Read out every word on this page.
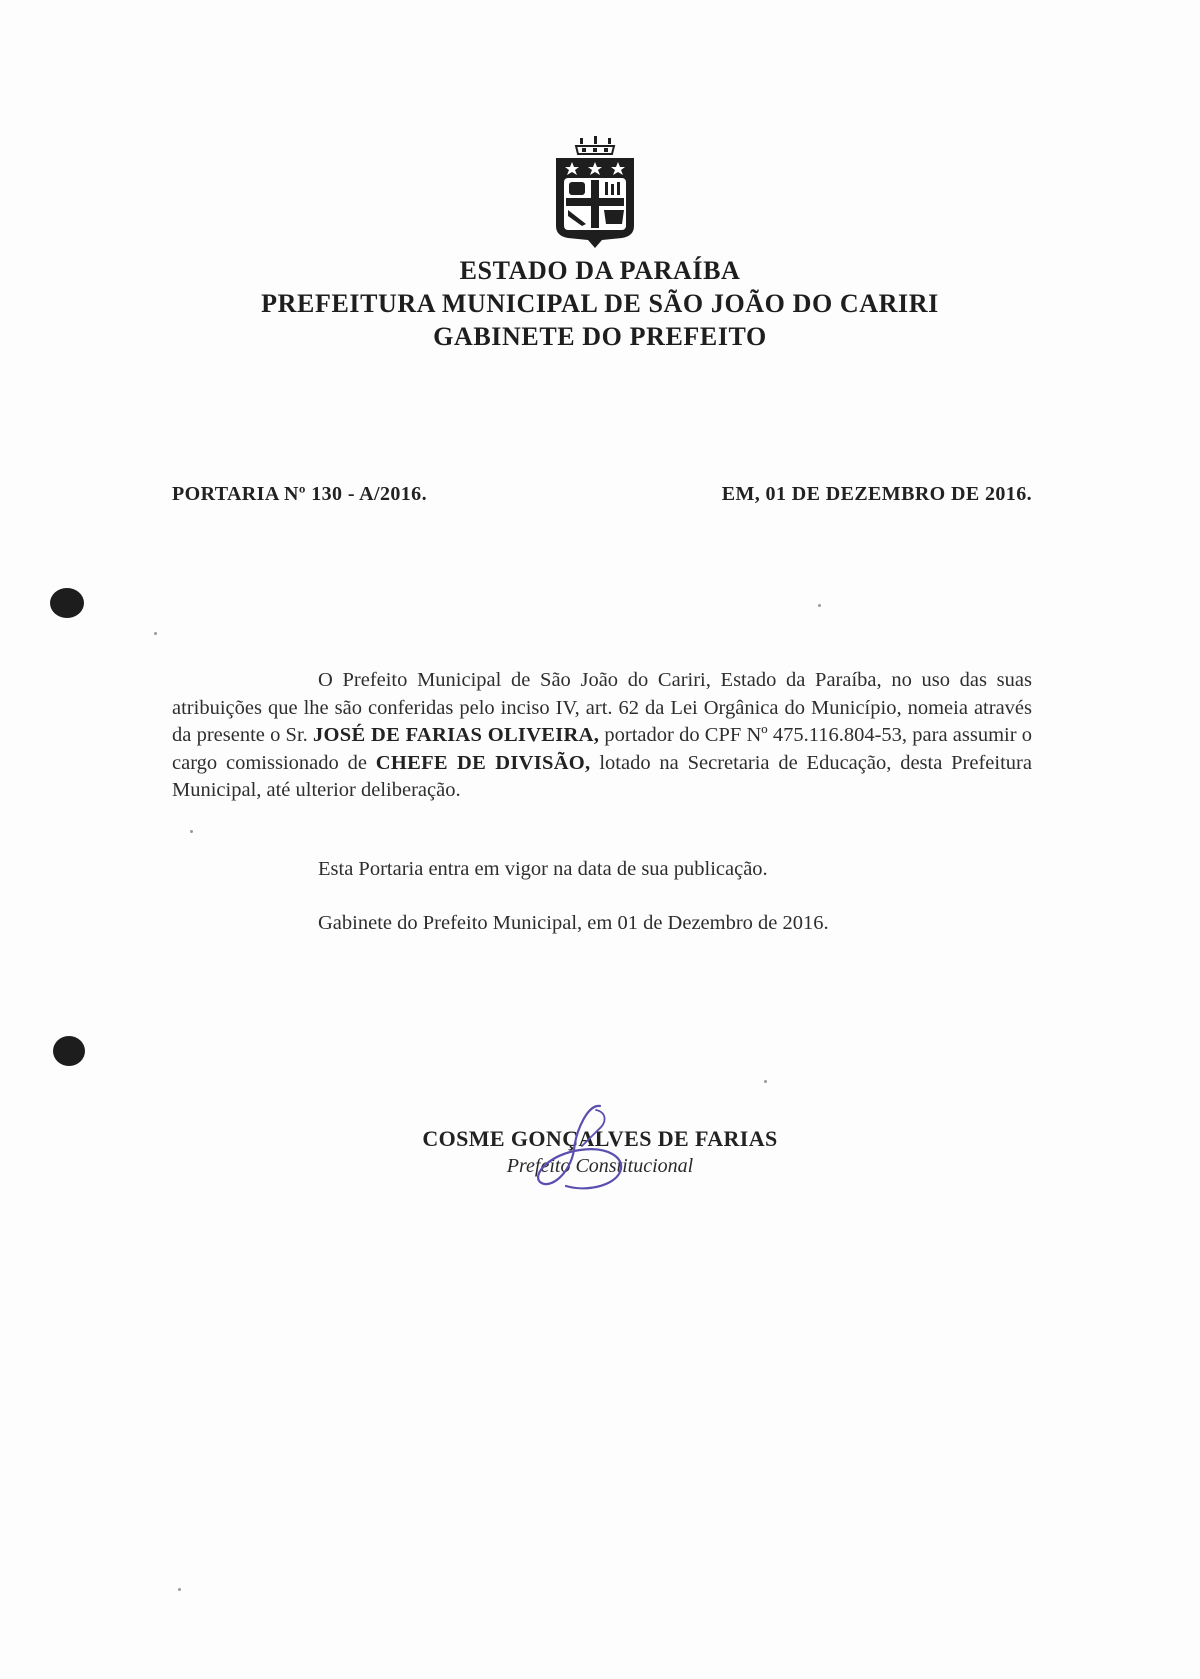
ESTADO DA PARAÍBA
PREFEITURA MUNICIPAL DE SÃO JOÃO DO CARIRI
GABINETE DO PREFEITO
PORTARIA Nº 130 - A/2016.	EM, 01 DE DEZEMBRO DE 2016.
O Prefeito Municipal de São João do Cariri, Estado da Paraíba, no uso das suas atribuições que lhe são conferidas pelo inciso IV, art. 62 da Lei Orgânica do Município, nomeia através da presente o Sr. JOSÉ DE FARIAS OLIVEIRA, portador do CPF Nº 475.116.804-53, para assumir o cargo comissionado de CHEFE DE DIVISÃO, lotado na Secretaria de Educação, desta Prefeitura Municipal, até ulterior deliberação.
Esta Portaria entra em vigor na data de sua publicação.
Gabinete do Prefeito Municipal, em 01 de Dezembro de 2016.
COSME GONÇALVES DE FARIAS
Prefeito Constitucional
